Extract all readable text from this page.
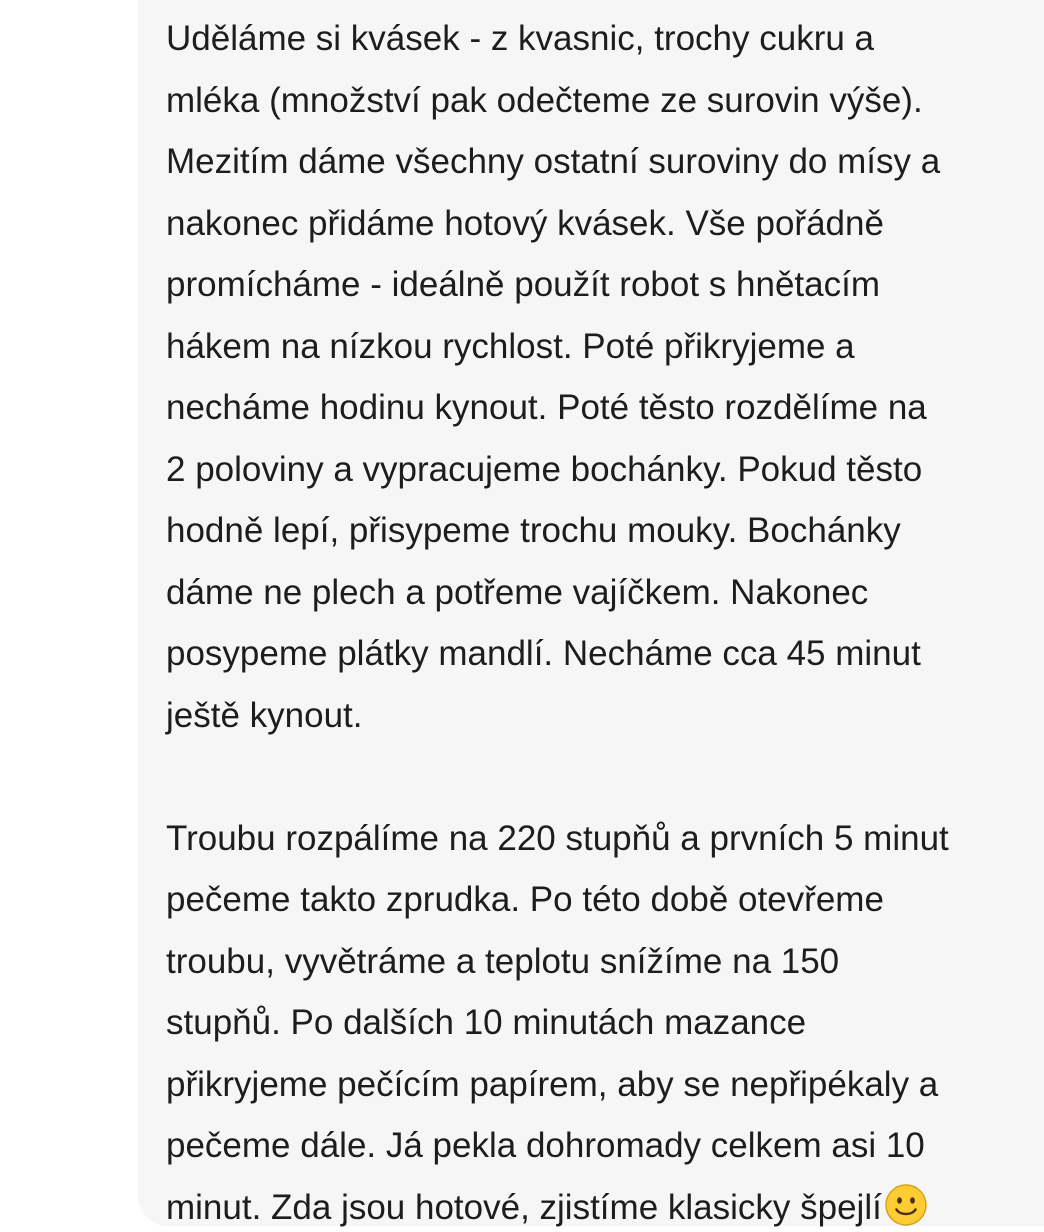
Uděláme si kvásek - z kvasnic, trochy cukru a
mléka (množství pak odečteme ze surovin výše).
Mezitím dáme všechny ostatní suroviny do mísy a
nakonec přidáme hotový kvásek. Vše pořádně
promícháme - ideálně použít robot s hnětacím
hákem na nízkou rychlost. Poté přikryjeme a
necháme hodinu kynout. Poté těsto rozdělíme na
2 poloviny a vypracujeme bochánky. Pokud těsto
hodně lepí, přisypeme trochu mouky. Bochánky
dáme ne plech a potřeme vajíčkem. Nakonec
posypeme plátky mandlí. Necháme cca 45 minut
ještě kynout.
Troubu rozpálíme na 220 stupňů a prvních 5 minut
pečeme takto zprudka. Po této době otevřeme
troubu, vyvětráme a teplotu snížíme na 150
stupňů. Po dalších 10 minutách mazance
přikryjeme pečícím papírem, aby se nepřipékaly a
pečeme dále. Já pekla dohromady celkem asi 10
minut. Zda jsou hotové, zjistíme klasicky špejlí
